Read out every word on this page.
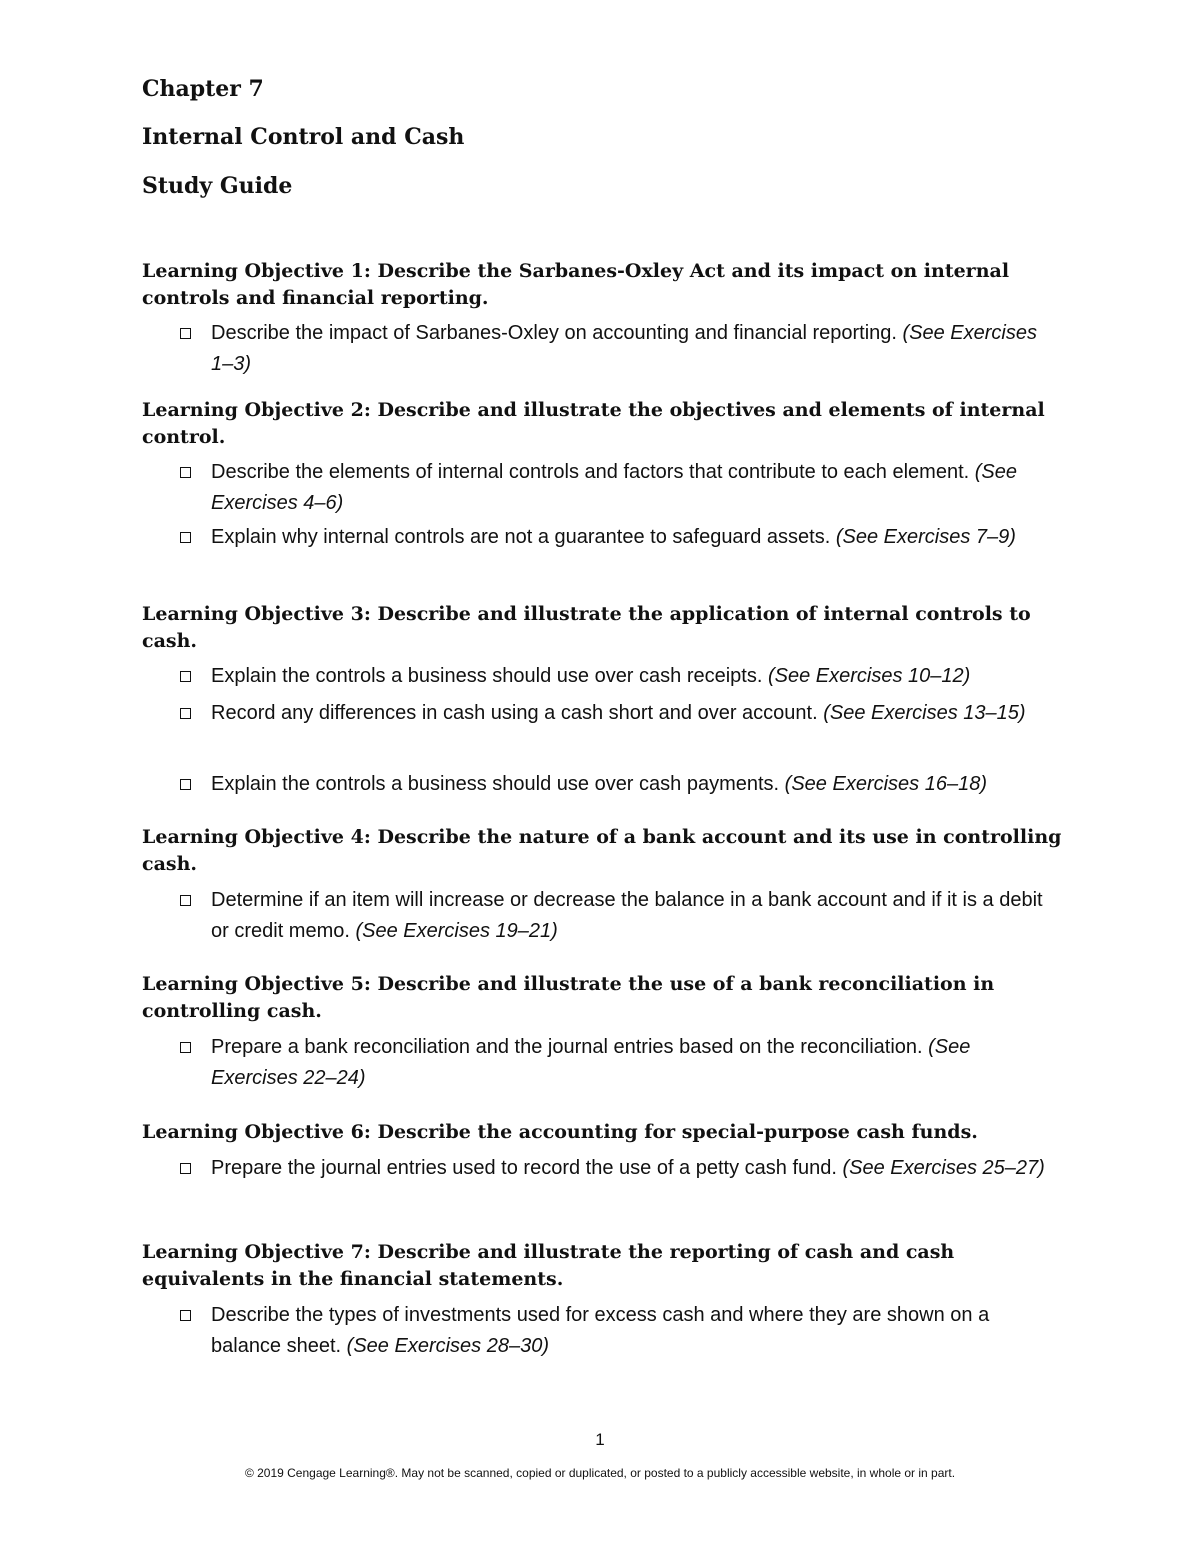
Chapter 7
Internal Control and Cash
Study Guide

Learning Objective 1: Describe the Sarbanes-Oxley Act and its impact on internal controls and financial reporting.

Describe the impact of Sarbanes-Oxley on accounting and financial reporting. (See Exercises 1–3)

Learning Objective 2: Describe and illustrate the objectives and elements of internal control.

Describe the elements of internal controls and factors that contribute to each element. (See Exercises 4–6)
Explain why internal controls are not a guarantee to safeguard assets. (See Exercises 7–9)

Learning Objective 3: Describe and illustrate the application of internal controls to cash.

Explain the controls a business should use over cash receipts. (See Exercises 10–12)
Record any differences in cash using a cash short and over account. (See Exercises 13–15)
Explain the controls a business should use over cash payments. (See Exercises 16–18)

Learning Objective 4: Describe the nature of a bank account and its use in controlling cash.

Determine if an item will increase or decrease the balance in a bank account and if it is a debit or credit memo. (See Exercises 19–21)

Learning Objective 5: Describe and illustrate the use of a bank reconciliation in controlling cash.

Prepare a bank reconciliation and the journal entries based on the reconciliation. (See Exercises 22–24)

Learning Objective 6: Describe the accounting for special-purpose cash funds.

Prepare the journal entries used to record the use of a petty cash fund. (See Exercises 25–27)

Learning Objective 7: Describe and illustrate the reporting of cash and cash equivalents in the financial statements.

Describe the types of investments used for excess cash and where they are shown on a balance sheet. (See Exercises 28–30)
1
© 2019 Cengage Learning®. May not be scanned, copied or duplicated, or posted to a publicly accessible website, in whole or in part.
